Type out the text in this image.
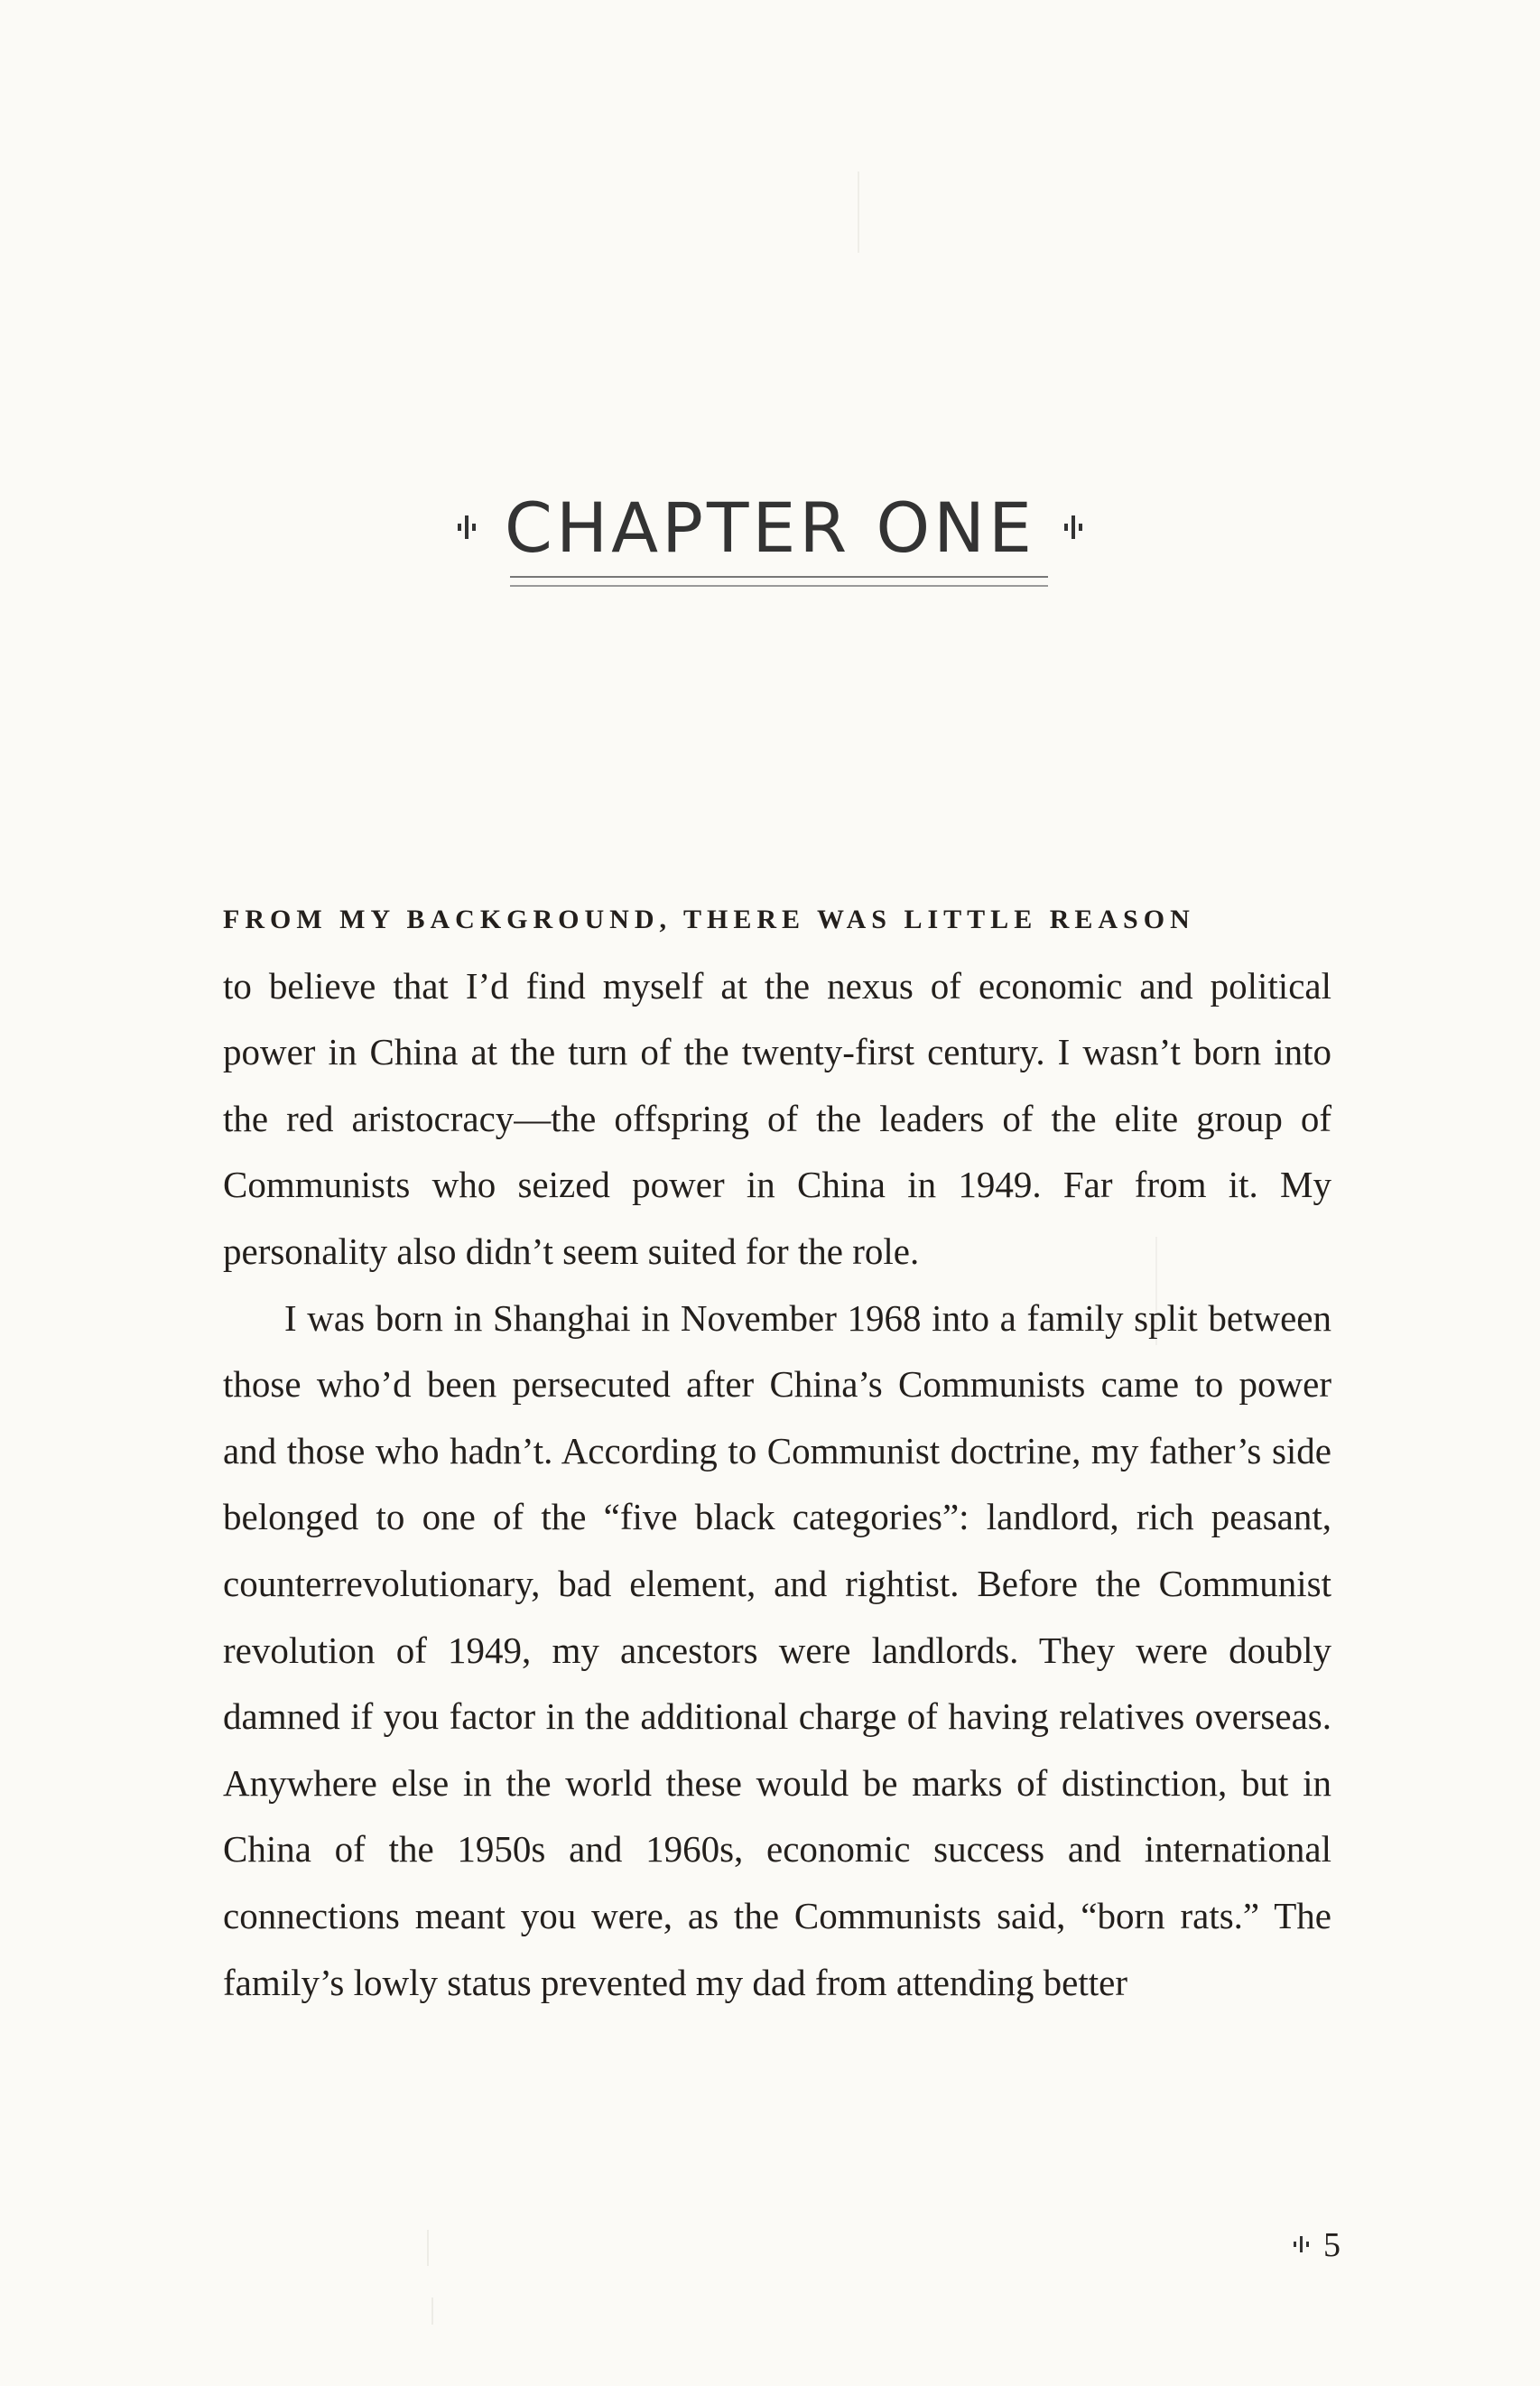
CHAPTER ONE

FROM MY BACKGROUND, THERE WAS LITTLE REASON
to believe that I’d find myself at the nexus of economic and political power in China at the turn of the twenty-first century. I wasn’t born into the red aristocracy—the offspring of the leaders of the elite group of Communists who seized power in China in 1949. Far from it. My personality also didn’t seem suited for the role.

I was born in Shanghai in November 1968 into a family split between those who’d been persecuted after China’s Communists came to power and those who hadn’t. According to Communist doctrine, my father’s side belonged to one of the “five black categories”: landlord, rich peasant, counterrevolutionary, bad element, and rightist. Before the Communist revolution of 1949, my ancestors were landlords. They were doubly damned if you factor in the additional charge of having relatives overseas. Anywhere else in the world these would be marks of distinction, but in China of the 1950s and 1960s, economic success and international connections meant you were, as the Communists said, “born rats.” The family’s lowly status prevented my dad from attending better

5
